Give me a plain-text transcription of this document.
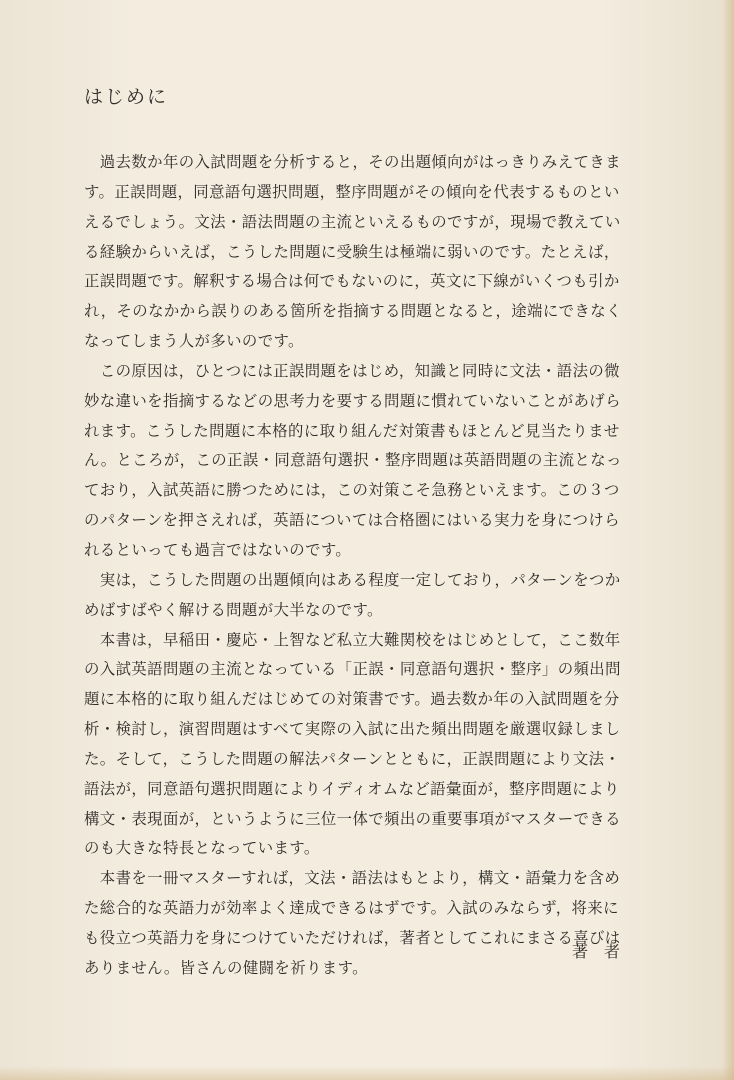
はじめに
　過去数か年の入試問題を分析すると，その出題傾向がはっきりみえてきま
す。正誤問題，同意語句選択問題，整序問題がその傾向を代表するものとい
えるでしょう。文法・語法問題の主流といえるものですが，現場で教えてい
る経験からいえば，こうした問題に受験生は極端に弱いのです。たとえば，
正誤問題です。解釈する場合は何でもないのに，英文に下線がいくつも引か
れ，そのなかから誤りのある箇所を指摘する問題となると，途端にできなく
なってしまう人が多いのです。
　この原因は，ひとつには正誤問題をはじめ，知識と同時に文法・語法の微
妙な違いを指摘するなどの思考力を要する問題に慣れていないことがあげら
れます。こうした問題に本格的に取り組んだ対策書もほとんど見当たりませ
ん。ところが，この正誤・同意語句選択・整序問題は英語問題の主流となっ
ており，入試英語に勝つためには，この対策こそ急務といえます。この３つ
のパターンを押さえれば，英語については合格圏にはいる実力を身につけら
れるといっても過言ではないのです。
　実は，こうした問題の出題傾向はある程度一定しており，パターンをつか
めばすばやく解ける問題が大半なのです。
　本書は，早稲田・慶応・上智など私立大難関校をはじめとして，ここ数年
の入試英語問題の主流となっている「正誤・同意語句選択・整序」の頻出問
題に本格的に取り組んだはじめての対策書です。過去数か年の入試問題を分
析・検討し，演習問題はすべて実際の入試に出た頻出問題を厳選収録しまし
た。そして，こうした問題の解法パターンとともに，正誤問題により文法・
語法が，同意語句選択問題によりイディオムなど語彙面が，整序問題により
構文・表現面が，というように三位一体で頻出の重要事項がマスターできる
のも大きな特長となっています。
　本書を一冊マスターすれば，文法・語法はもとより，構文・語彙力を含め
た総合的な英語力が効率よく達成できるはずです。入試のみならず，将来に
も役立つ英語力を身につけていただければ，著者としてこれにまさる喜びは
ありません。皆さんの健闘を祈ります。
著者
